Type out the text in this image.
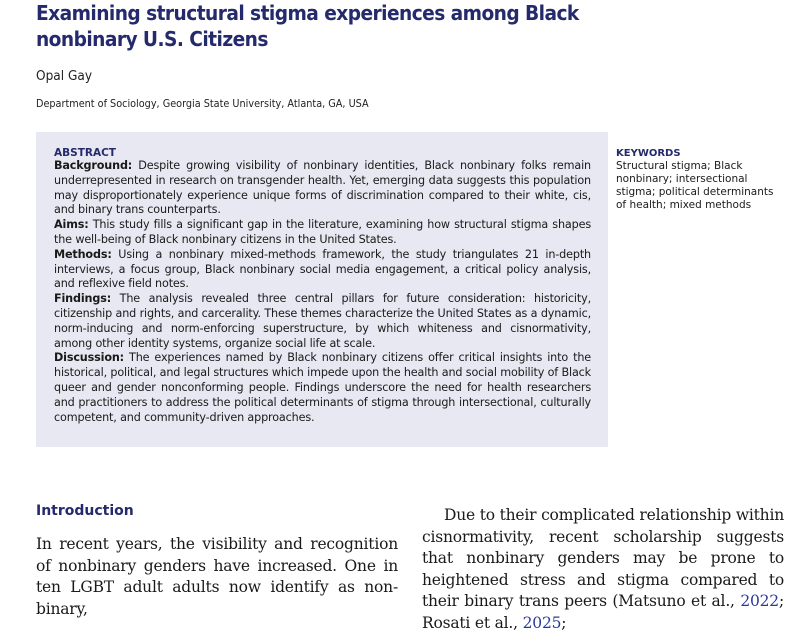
Examining structural stigma experiences among Black nonbinary U.S. Citizens
Opal Gay
Department of Sociology, Georgia State University, Atlanta, GA, USA
ABSTRACT

Background: Despite growing visibility of nonbinary identities, Black nonbinary folks remain underrepresented in research on transgender health. Yet, emerging data suggests this population may disproportionately experience unique forms of discrimination compared to their white, cis, and binary trans counterparts.

Aims: This study fills a significant gap in the literature, examining how structural stigma shapes the well-being of Black nonbinary citizens in the United States.

Methods: Using a nonbinary mixed-methods framework, the study triangulates 21 in-depth interviews, a focus group, Black nonbinary social media engagement, a critical policy analysis, and reflexive field notes.

Findings: The analysis revealed three central pillars for future consideration: historicity, citizenship and rights, and carcerality. These themes characterize the United States as a dynamic, norm-inducing and norm-enforcing superstructure, by which whiteness and cisnormativity, among other identity systems, organize social life at scale.

Discussion: The experiences named by Black nonbinary citizens offer critical insights into the historical, political, and legal structures which impede upon the health and social mobility of Black queer and gender nonconforming people. Findings underscore the need for health researchers and practitioners to address the political determinants of stigma through intersectional, culturally competent, and community-driven approaches.

KEYWORDS
Structural stigma; Black nonbinary; intersectional stigma; political determinants of health; mixed methods
Introduction

In recent years, the visibility and recognition of nonbinary genders have increased. One in ten LGBT adult adults now identify as non-binary,

Due to their complicated relationship within cisnormativity, recent scholarship suggests that nonbinary genders may be prone to heightened stress and stigma compared to their binary trans peers (Matsuno et al., 2022; Rosati et al., 2025;
